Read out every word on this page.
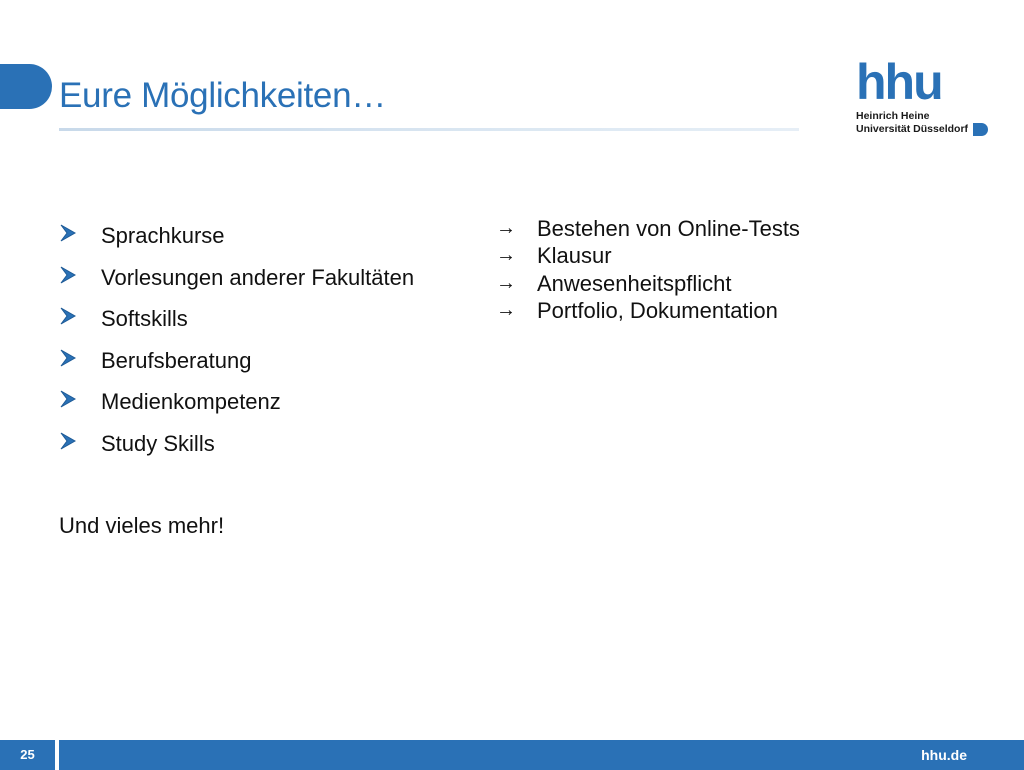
Eure Möglichkeiten…	hhu
Heinrich Heine
Universität Düsseldorf
Sprachkurse
Vorlesungen anderer Fakultäten
Softskills
Berufsberatung
Medienkompetenz
Study Skills
→ Bestehen von Online-Tests
→ Klausur
→ Anwesenheitspflicht
→ Portfolio, Dokumentation

Und vieles mehr!

25	hhu.de
